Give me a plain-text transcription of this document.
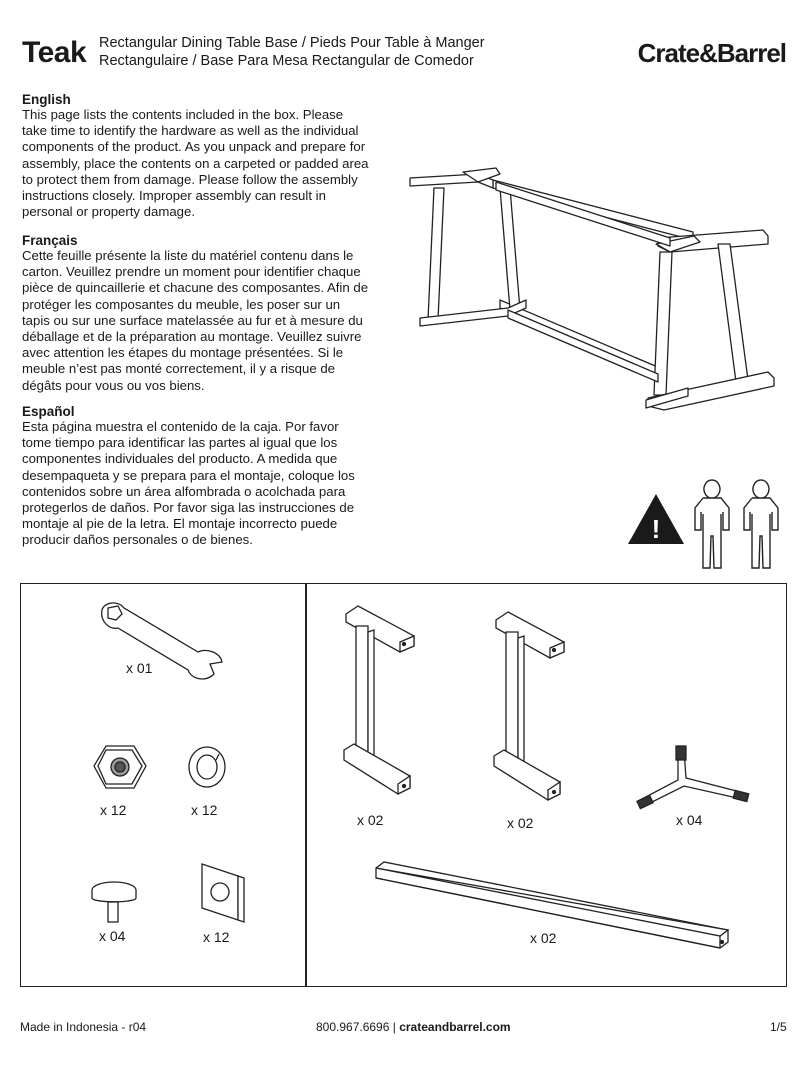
Teak Rectangular Dining Table Base / Pieds Pour Table à Manger
Rectangulaire / Base Para Mesa Rectangular de Comedor	Crate&Barrel
English
This page lists the contents included in the box. Please
take time to identify the hardware as well as the individual
components of the product. As you unpack and prepare for
assembly, place the contents on a carpeted or padded area
to protect them from damage. Please follow the assembly
instructions closely. Improper assembly can result in
personal or property damage.
Français
Cette feuille présente la liste du matériel contenu dans le
carton. Veuillez prendre un moment pour identifier chaque
pièce de quincaillerie et chacune des composantes. Afin de
protéger les composantes du meuble, les poser sur un
tapis ou sur une surface matelassée au fur et à mesure du
déballage et de la préparation au montage. Veuillez suivre
avec attention les étapes du montage présentées. Si le
meuble n’est pas monté correctement, il y a risque de
dégâts pour vous ou vos biens.
Español
Esta página muestra el contenido de la caja. Por favor
tome tiempo para identificar las partes al igual que los
componentes individuales del producto. A medida que
desempaqueta y se prepara para el montaje, coloque los
contenidos sobre un área alfombrada o acolchada para
protegerlos de daños. Por favor siga las instrucciones de
montaje al pie de la letra. El montaje incorrecto puede
producir daños personales o de bienes.	!
x 01
x 12	x 12
x 04	x 12
x 02	x 02	x 04
x 02
Made in Indonesia - r04	800.967.6696 | crateandbarrel.com	1/5
